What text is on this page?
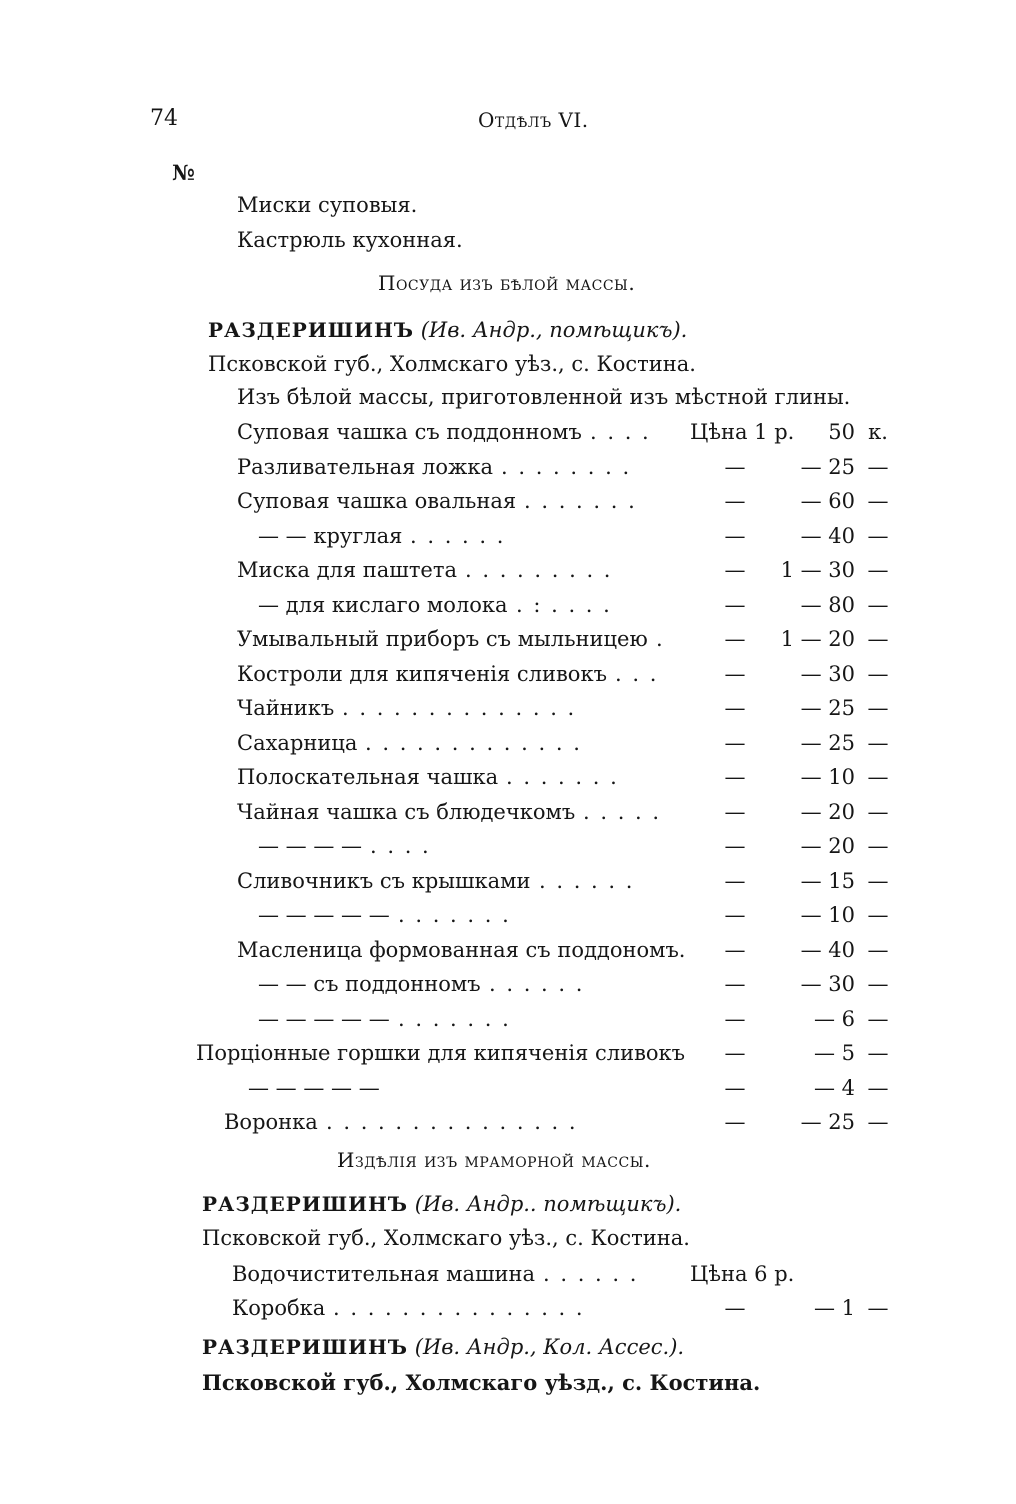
74	Отдѣлъ VI.
№
Миски суповыя.
Кастрюль кухонная.
Посуда изъ бѣлой массы.
РАЗДЕРИШИНЪ (Ив. Андр., помѣщикъ).
Псковской губ., Холмскаго уѣз., с. Костина.
Изъ бѣлой массы, приготовленной изъ мѣстной глины.
Суповая чашка съ поддонномъ . . . . Цѣна 1 р.	50 к.
Разливательная ложка . . . . . . . .	—	— 25 —
Суповая чашка овальная . . . . . . .	—	— 60 —
— — круглая . . . . . .	—	— 40 —
Миска для паштета . . . . . . . . .	—	1 — 30 —
— для кислаго молока . : . . . .	—	— 80 —
Умывальный приборъ съ мыльницею .	—	1 — 20 —
Костроли для кипяченія сливокъ . . .	—	— 30 —
Чайникъ . . . . . . . . . . . . . .	—	— 25 —
Сахарница . . . . . . . . . . . . .	—	— 25 —
Полоскательная чашка . . . . . . .	—	— 10 —
Чайная чашка съ блюдечкомъ . . . . .	—	— 20 —
— — — — . . . .	—	— 20 —
Сливочникъ съ крышками . . . . . .	—	— 15 —
— — — — — . . . . . . .	—	— 10 —
Масленица формованная съ поддономъ.	—	— 40 —
— — съ поддонномъ . . . . . .	—	— 30 —
— — — — — . . . . . . .	—	— 6 —
Порціонные горшки для кипяченія сливокъ	—	— 5 —
— — — — —	—	— 4 —
Воронка . . . . . . . . . . . . . . .	—	— 25 —
Издѣлія изъ мраморной массы.
РАЗДЕРИШИНЪ (Ив. Андр.. помѣщикъ).
Псковской губ., Холмскаго уѣз., с. Костина.
Водочистительная машина . . . . . . Цѣна 6 р.
Коробка . . . . . . . . . . . . . . .	—	— 1 —
РАЗДЕРИШИНЪ (Ив. Андр., Кол. Ассес.).
Псковской губ., Холмскаго уѣзд., с. Костина.
